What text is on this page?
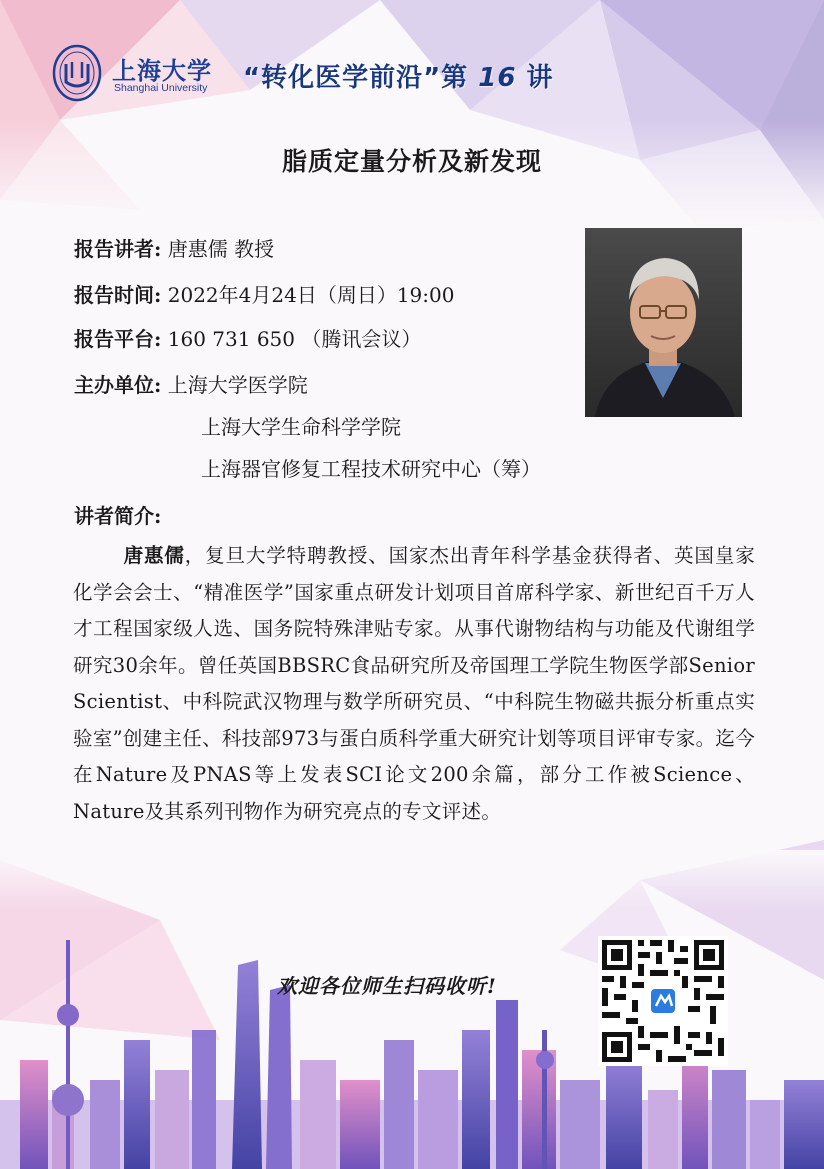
上海大学
Shanghai University “转化医学前沿”第 16 讲
脂质定量分析及新发现
报告讲者: 唐惠儒 教授
报告时间: 2022年4月24日（周日）19:00
报告平台: 160 731 650 （腾讯会议）
主办单位: 上海大学医学院
上海大学生命科学学院
上海器官修复工程技术研究中心（筹）
讲者简介:
唐惠儒，复旦大学特聘教授、国家杰出青年科学基金获得者、英国皇家化学会会士、“精准医学”国家重点研发计划项目首席科学家、新世纪百千万人才工程国家级人选、国务院特殊津贴专家。从事代谢物结构与功能及代谢组学研究30余年。曾任英国BBSRC食品研究所及帝国理工学院生物医学部Senior Scientist、中科院武汉物理与数学所研究员、“中科院生物磁共振分析重点实验室”创建主任、科技部973与蛋白质科学重大研究计划等项目评审专家。迄今在Nature及PNAS等上发表SCI论文200余篇，部分工作被Science、Nature及其系列刊物作为研究亮点的专文评述。
欢迎各位师生扫码收听!
